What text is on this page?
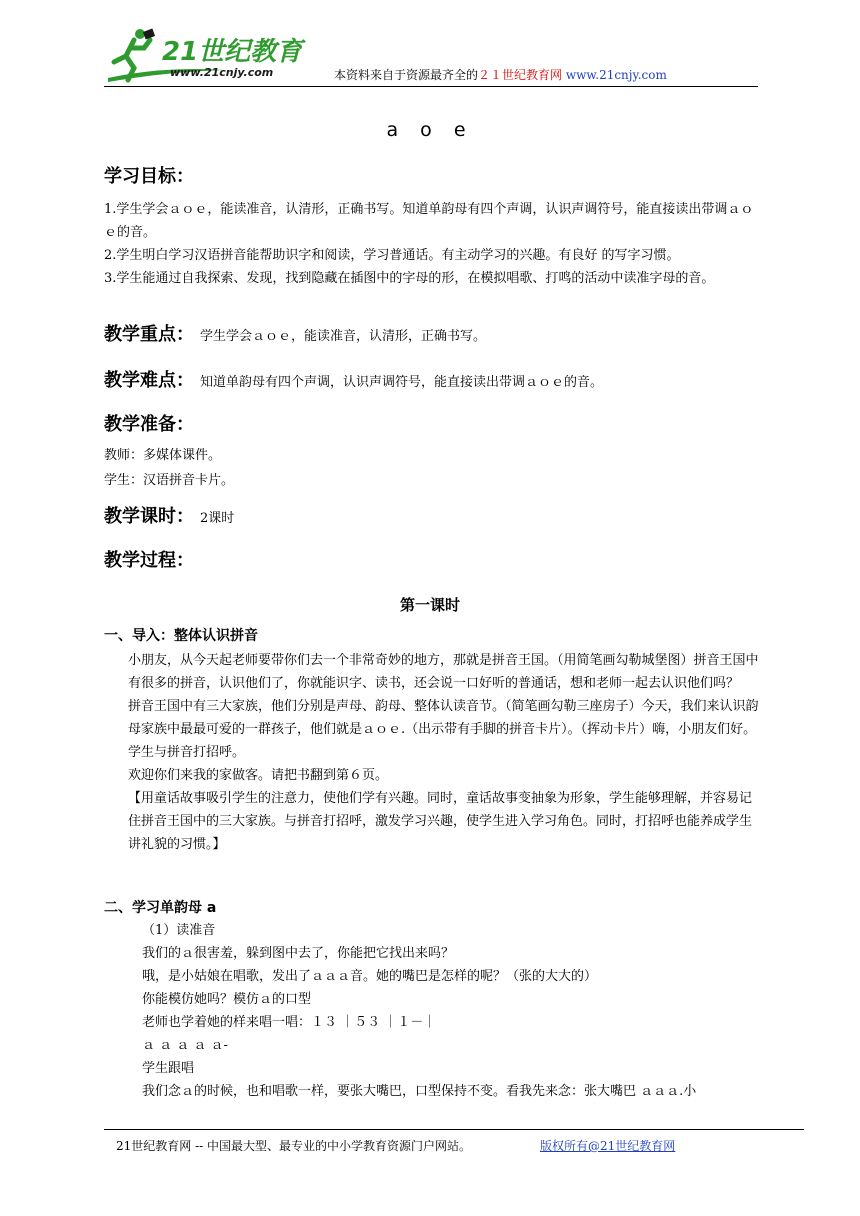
21世纪教育
www.21cnjy.com	本资料来自于资源最齐全的２１世纪教育网 www.21cnjy.com
a o e
学习目标：

1.学生学会ａｏｅ，能读准音，认清形，正确书写。知道单韵母有四个声调，认识声调符号，能直接读出带调ａｏｅ的音。

2.学生明白学习汉语拼音能帮助识字和阅读，学习普通话。有主动学习的兴趣。有良好 的写字习惯。

3.学生能通过自我探索、发现，找到隐藏在插图中的字母的形，在模拟唱歌、打鸣的活动中读准字母的音。

教学重点： 学生学会ａｏｅ，能读准音，认清形，正确书写。
教学难点： 知道单韵母有四个声调，认识声调符号，能直接读出带调ａｏｅ的音。
教学准备：

教师：多媒体课件。

学生：汉语拼音卡片。

教学课时： 2课时
教学过程：
第一课时
一、导入：整体认识拼音

小朋友，从今天起老师要带你们去一个非常奇妙的地方，那就是拼音王国。（用简笔画勾勒城堡图）拼音王国中有很多的拼音，认识他们了，你就能识字、读书，还会说一口好听的普通话，想和老师一起去认识他们吗？

拼音王国中有三大家族，他们分别是声母、韵母、整体认读音节。（简笔画勾勒三座房子）今天，我们来认识韵母家族中最最可爱的一群孩子，他们就是ａｏｅ.（出示带有手脚的拼音卡片）。（挥动卡片）嗨，小朋友们好。

学生与拼音打招呼。

欢迎你们来我的家做客。请把书翻到第６页。

【用童话故事吸引学生的注意力，使他们学有兴趣。同时，童话故事变抽象为形象，学生能够理解，并容易记住拼音王国中的三大家族。与拼音打招呼，激发学习兴趣，使学生进入学习角色。同时，打招呼也能养成学生讲礼貌的习惯。】

二、学习单韵母 a

（1）读准音

我们的ａ很害羞，躲到图中去了，你能把它找出来吗？

哦，是小姑娘在唱歌，发出了ａａａ音。她的嘴巴是怎样的呢？（张的大大的）

你能模仿她吗？模仿ａ的口型

老师也学着她的样来唱一唱：１３ ｜５３ ｜１－｜

ａ ａ ａ ａ ａ-

学生跟唱

我们念ａ的时候，也和唱歌一样，要张大嘴巴，口型保持不变。看我先来念：张大嘴巴 ａａａ.小

21世纪教育网 -- 中国最大型、最专业的中小学教育资源门户网站。	版权所有@21世纪教育网
